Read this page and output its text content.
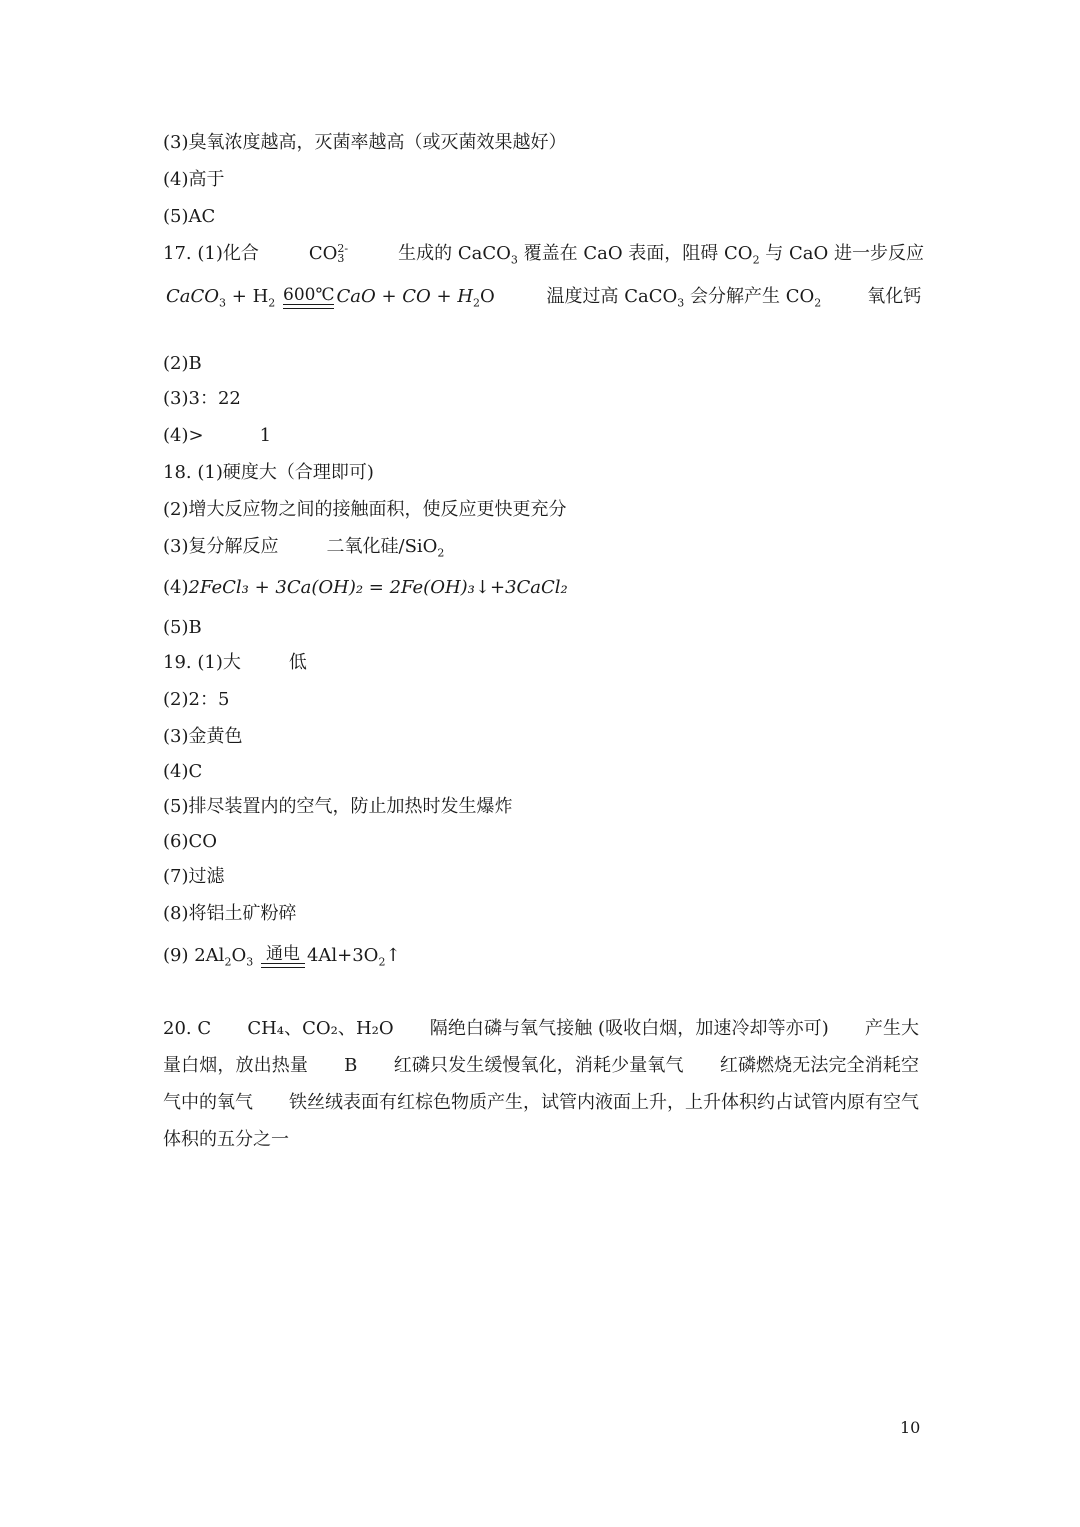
(3)臭氧浓度越高，灭菌率越高（或灭菌效果越好）
(4)高于
(5)AC
17. (1)化合	CO 2-
3	生成的 CaCO$_3$ 覆盖在 CaO 表面，阻碍 $CO_2$ 与 CaO 进一步反应
CaCO$_3$ + $H_2$ 600℃ CaO + CO + $H_2O$	温度过高 CaCO$_3$ 会分解产生 $CO_2$	氧化钙
(2)B
(3)3：22
(4)>	1
18. (1)硬度大（合理即可)
(2)增大反应物之间的接触面积，使反应更快更充分
(3)复分解反应	二氧化硅/SiO$_2$
(4)2FeCl₃ + 3Ca(OH)₂ = 2Fe(OH)₃↓+3CaCl₂
(5)B
19. (1)大	低
(2)2：5
(3)金黄色
(4)C
(5)排尽装置内的空气，防止加热时发生爆炸
(6)CO
(7)过滤
(8)将铝土矿粉碎
(9) $2Al_2O_3$ 通电 $4Al+3O_2↑$
20. C　　CH₄、CO₂、H₂O　　隔绝白磷与氧气接触 (吸收白烟，加速冷却等亦可)　　产生大量白烟，放出热量　　B　　红磷只发生缓慢氧化，消耗少量氧气　　红磷燃烧无法完全消耗空气中的氧气　　铁丝绒表面有红棕色物质产生，试管内液面上升，上升体积约占试管内原有空气体积的五分之一
10
